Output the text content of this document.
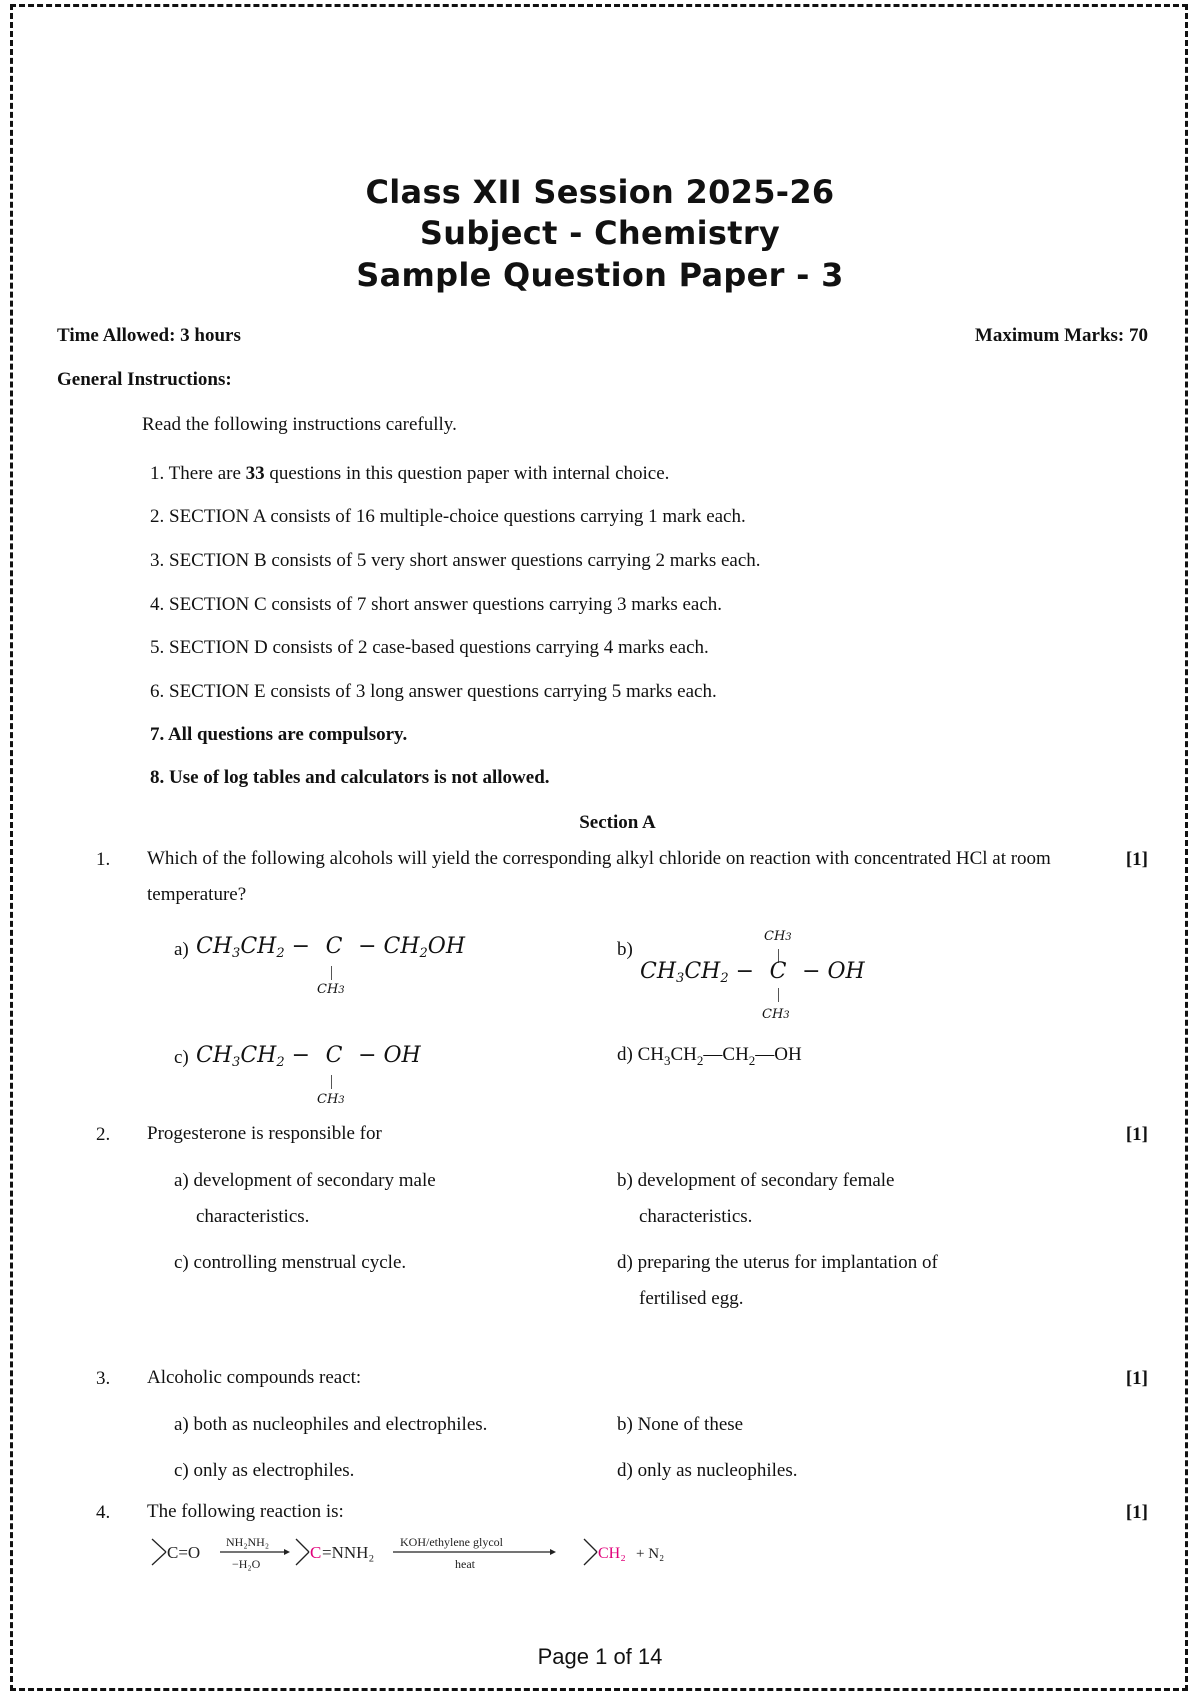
Class XII Session 2025-26
Subject - Chemistry
Sample Question Paper - 3
Time Allowed: 3 hours	Maximum Marks: 70
General Instructions:
Read the following instructions carefully.
1. There are 33 questions in this question paper with internal choice.
2. SECTION A consists of 16 multiple-choice questions carrying 1 mark each.
3. SECTION B consists of 5 very short answer questions carrying 2 marks each.
4. SECTION C consists of 7 short answer questions carrying 3 marks each.
5. SECTION D consists of 2 case-based questions carrying 4 marks each.
6. SECTION E consists of 3 long answer questions carrying 5 marks each.
7. All questions are compulsory.
8. Use of log tables and calculators is not allowed.
Section A
1. Which of the following alcohols will yield the corresponding alkyl chloride on reaction with concentrated HCl at room temperature?
[1]
a) $CH_3CH_2 - C - CH_2OH$
CH3
b)
CH3
$CH_3CH_2 - C$ − OH
CH3
c) $CH_3CH_2 - C$ − OH
CH3
d) $CH_3CH_2—CH_2—OH$
2. Progesterone is responsible for	[1]
a) development of secondary male
characteristics.
b) development of secondary female
characteristics.
c) controlling menstrual cycle.	d) preparing the uterus for implantation of
fertilised egg.
3. Alcoholic compounds react:	[1]
a) both as nucleophiles and electrophiles.	b) None of these
c) only as electrophiles.	d) only as nucleophiles.
4. The following reaction is:	[1]
C=O
NH₂NH₂
−H₂O
C =NNH₂
KOH/ethylene glycol
heat
CH₂ + N₂
Page 1 of 14
